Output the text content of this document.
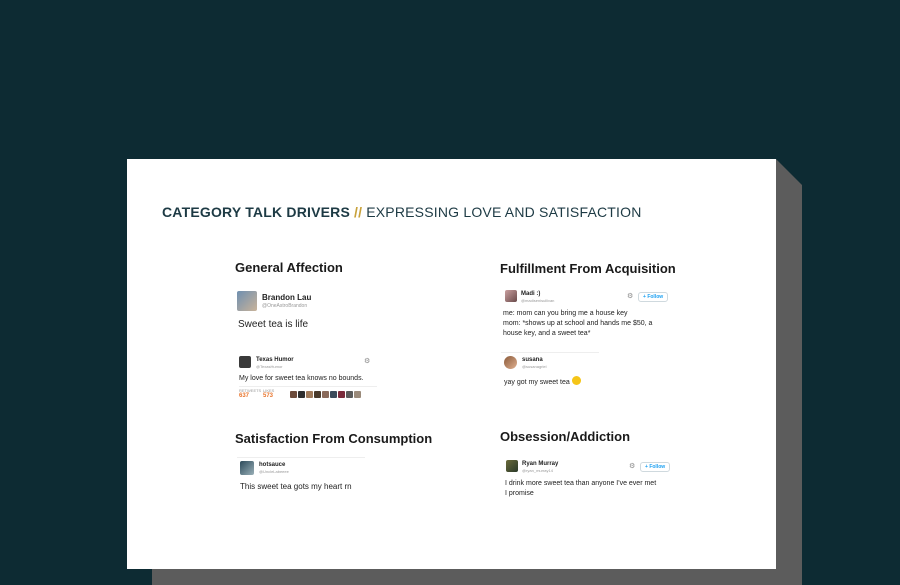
CATEGORY TALK DRIVERS // EXPRESSING LOVE AND SATISFACTION
General Affection
Brandon Lau
@OneAstroBrandon
Sweet tea is life
Texas Humor
@TexasHumor
⚙
My love for sweet tea knows no bounds.
RETWEETS
637
LIKES
573
Fulfillment From Acquisition
Madi :)
@madisenisullivan
⚙	+ Follow
me: mom can you bring me a house key
mom: *shows up at school and hands me $50, a
house key, and a sweet tea*
susana
@susanagriel
yay got my sweet tea
Satisfaction From Consumption
hotsauce
@UncleLabeeee
This sweet tea gots my heart rn
Obsession/Addiction
Ryan Murray
@ryan_murray14
⚙	+ Follow
I drink more sweet tea than anyone I've ever met
I promise
